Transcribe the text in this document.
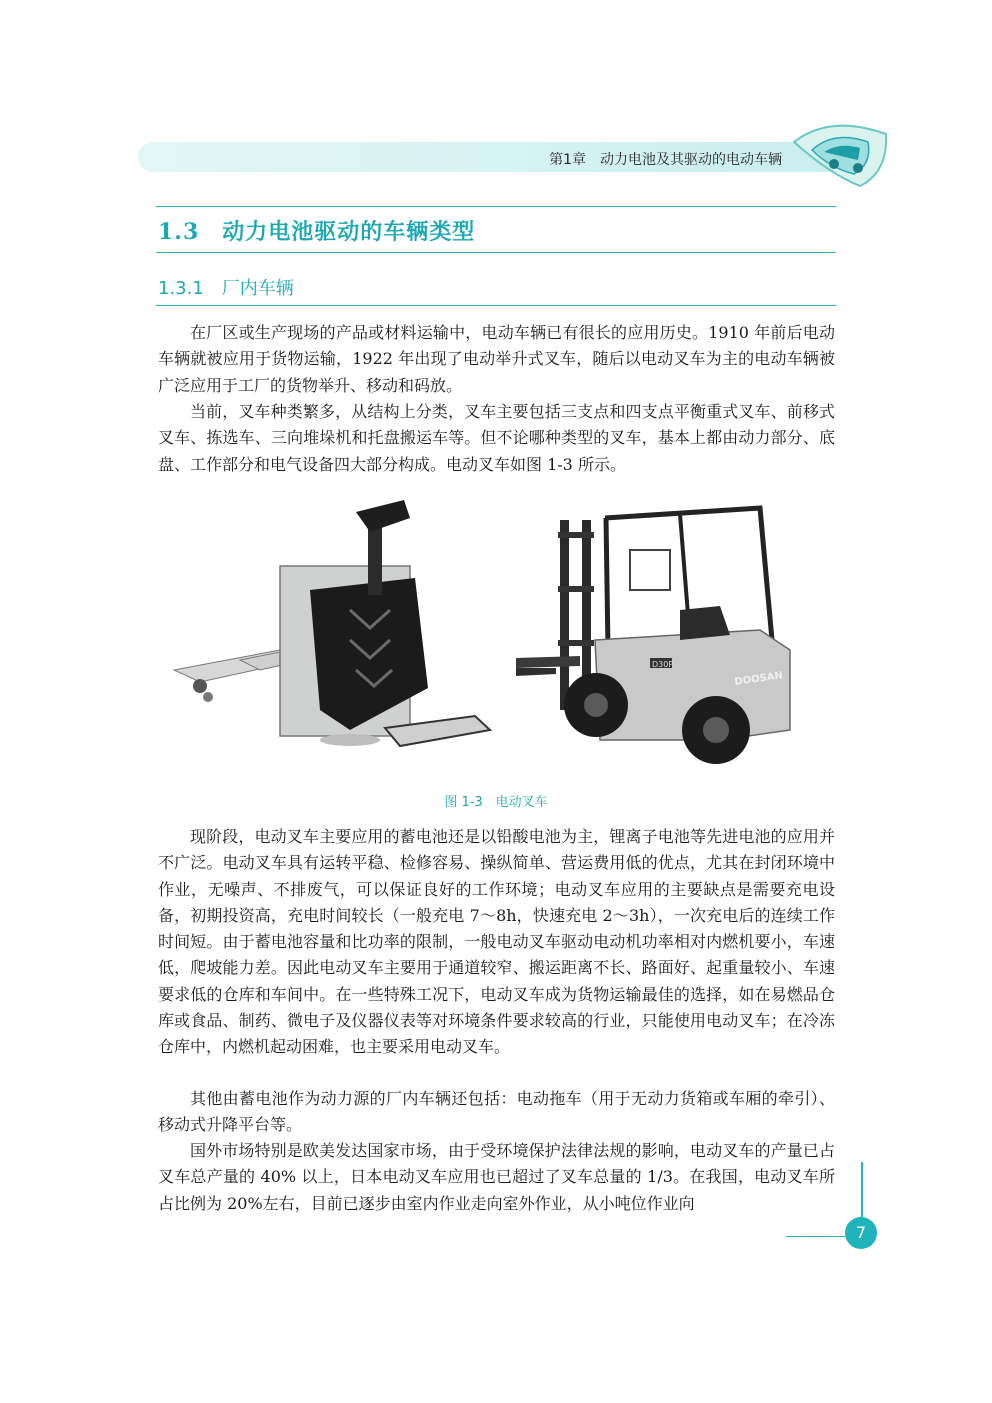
第1章　 动力电池及其驱动的电动车辆
1.3　 动力电池驱动的车辆类型
1.3.1　 厂内车辆

在厂区或生产现场的产品或材料运输中，电动车辆已有很长的应用历史。1910 年前后电动车辆就被应用于货物运输，1922 年出现了电动举升式叉车，随后以电动叉车为主的电动车辆被广泛应用于工厂的货物举升、移动和码放。

当前，叉车种类繁多，从结构上分类，叉车主要包括三支点和四支点平衡重式叉车、前移式叉车、拣选车、三向堆垛机和托盘搬运车等。但不论哪种类型的叉车，基本上都由动力部分、底盘、工作部分和电气设备四大部分构成。电动叉车如图 1-3 所示。

D30P
DOOSAN
图 1-3　电动叉车

现阶段，电动叉车主要应用的蓄电池还是以铅酸电池为主，锂离子电池等先进电池的应用并不广泛。电动叉车具有运转平稳、检修容易、操纵简单、营运费用低的优点，尤其在封闭环境中作业，无噪声、不排废气，可以保证良好的工作环境；电动叉车应用的主要缺点是需要充电设备，初期投资高，充电时间较长（一般充电 7～8h，快速充电 2～3h），一次充电后的连续工作时间短。由于蓄电池容量和比功率的限制，一般电动叉车驱动电动机功率相对内燃机要小，车速低，爬坡能力差。因此电动叉车主要用于通道较窄、搬运距离不长、路面好、起重量较小、车速要求低的仓库和车间中。在一些特殊工况下，电动叉车成为货物运输最佳的选择，如在易燃品仓库或食品、制药、微电子及仪器仪表等对环境条件要求较高的行业，只能使用电动叉车；在冷冻仓库中，内燃机起动困难，也主要采用电动叉车。

其他由蓄电池作为动力源的厂内车辆还包括：电动拖车（用于无动力货箱或车厢的牵引）、移动式升降平台等。

国外市场特别是欧美发达国家市场，由于受环境保护法律法规的影响，电动叉车的产量已占叉车总产量的 40% 以上，日本电动叉车应用也已超过了叉车总量的 1/3。在我国，电动叉车所占比例为 20%左右，目前已逐步由室内作业走向室外作业，从小吨位作业向

7
